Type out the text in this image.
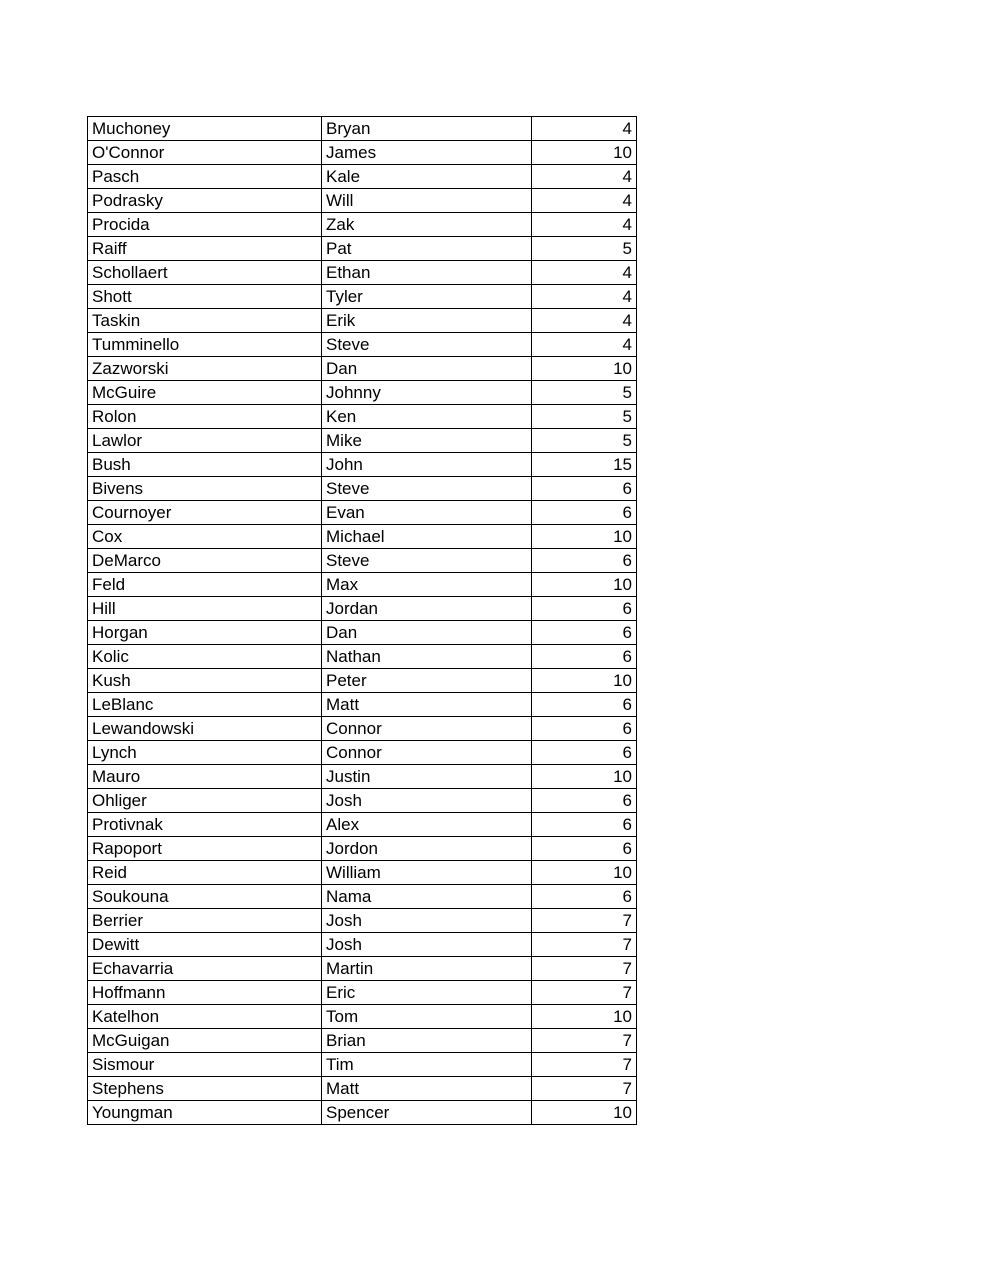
Muchoney	Bryan	4
O'Connor	James	10
Pasch	Kale	4
Podrasky	Will	4
Procida	Zak	4
Raiff	Pat	5
Schollaert	Ethan	4
Shott	Tyler	4
Taskin	Erik	4
Tumminello	Steve	4
Zazworski	Dan	10
McGuire	Johnny	5
Rolon	Ken	5
Lawlor	Mike	5
Bush	John	15
Bivens	Steve	6
Cournoyer	Evan	6
Cox	Michael	10
DeMarco	Steve	6
Feld	Max	10
Hill	Jordan	6
Horgan	Dan	6
Kolic	Nathan	6
Kush	Peter	10
LeBlanc	Matt	6
Lewandowski	Connor	6
Lynch	Connor	6
Mauro	Justin	10
Ohliger	Josh	6
Protivnak	Alex	6
Rapoport	Jordon	6
Reid	William	10
Soukouna	Nama	6
Berrier	Josh	7
Dewitt	Josh	7
Echavarria	Martin	7
Hoffmann	Eric	7
Katelhon	Tom	10
McGuigan	Brian	7
Sismour	Tim	7
Stephens	Matt	7
Youngman	Spencer	10
